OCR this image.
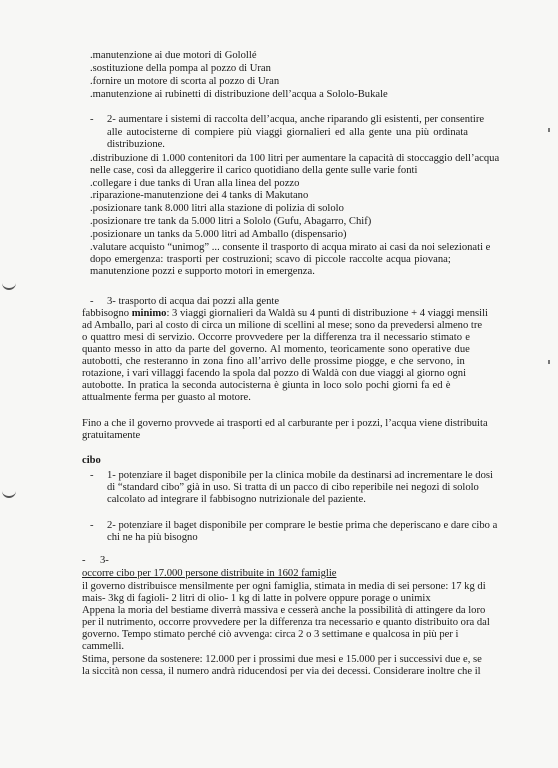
.manutenzione ai due motori di Golollé
.sostituzione della pompa al pozzo di Uran
.fornire un motore di scorta al pozzo di Uran
.manutenzione ai rubinetti di distribuzione dell’acqua a Sololo-Bukale
- 2- aumentare i sistemi di raccolta dell’acqua, anche riparando gli esistenti, per consentire
alle autocisterne di compiere più viaggi giornalieri ed alla gente una più ordinata
distribuzione.
.distribuzione di 1.000 contenitori da 100 litri per aumentare la capacità di stoccaggio dell’acqua
nelle case, così da alleggerire il carico quotidiano della gente sulle varie fonti
.collegare i due tanks di Uran alla linea del pozzo
.riparazione-manutenzione dei 4 tanks di Makutano
.posizionare tank 8.000 litri alla stazione di polizia di sololo
.posizionare tre tank da 5.000 litri a Sololo (Gufu, Abagarro, Chif)
.posizionare un tanks da 5.000 litri ad Amballo (dispensario)
.valutare acquisto “unimog” ... consente il trasporto di acqua mirato ai casi da noi selezionati e
dopo emergenza: trasporti per costruzioni; scavo di piccole raccolte acqua piovana;
manutenzione pozzi e supporto motori in emergenza.
- 3- trasporto di acqua dai pozzi alla gente
fabbisogno minimo: 3 viaggi giornalieri da Waldà su 4 punti di distribuzione + 4 viaggi mensili
ad Amballo, pari al costo di circa un milione di scellini al mese; sono da prevedersi almeno tre
o quattro mesi di servizio. Occorre provvedere per la differenza tra il necessario stimato e
quanto messo in atto da parte del governo. Al momento, teoricamente sono operative due
autobotti, che resteranno in zona fino all’arrivo delle prossime piogge, e che servono, in
rotazione, i vari villaggi facendo la spola dal pozzo di Waldà con due viaggi al giorno ogni
autobotte. In pratica la seconda autocisterna è giunta in loco solo pochi giorni fa ed è
attualmente ferma per guasto al motore.
Fino a che il governo provvede ai trasporti ed al carburante per i pozzi, l’acqua viene distribuita
gratuitamente
cibo
- 1- potenziare il baget disponibile per la clinica mobile da destinarsi ad incrementare le dosi
di “standard cibo” già in uso. Si tratta di un pacco di cibo reperibile nei negozi di sololo
calcolato ad integrare il fabbisogno nutrizionale del paziente.
- 2- potenziare il baget disponibile per comprare le bestie prima che deperiscano e dare cibo a
chi ne ha più bisogno
- 3-
occorre cibo per 17.000 persone distribuite in 1602 famiglie
il governo distribuisce mensilmente per ogni famiglia, stimata in media di sei persone: 17 kg di
mais- 3kg di fagioli- 2 litri di olio- 1 kg di latte in polvere oppure porage o unimix
Appena la moria del bestiame diverrà massiva e cesserà anche la possibilità di attingere da loro
per il nutrimento, occorre provvedere per la differenza tra necessario e quanto distribuito ora dal
governo. Tempo stimato perché ciò avvenga: circa 2 o 3 settimane e qualcosa in più per i
cammelli.
Stima, persone da sostenere: 12.000 per i prossimi due mesi e 15.000 per i successivi due e, se
la siccità non cessa, il numero andrà riducendosi per via dei decessi. Considerare inoltre che il
